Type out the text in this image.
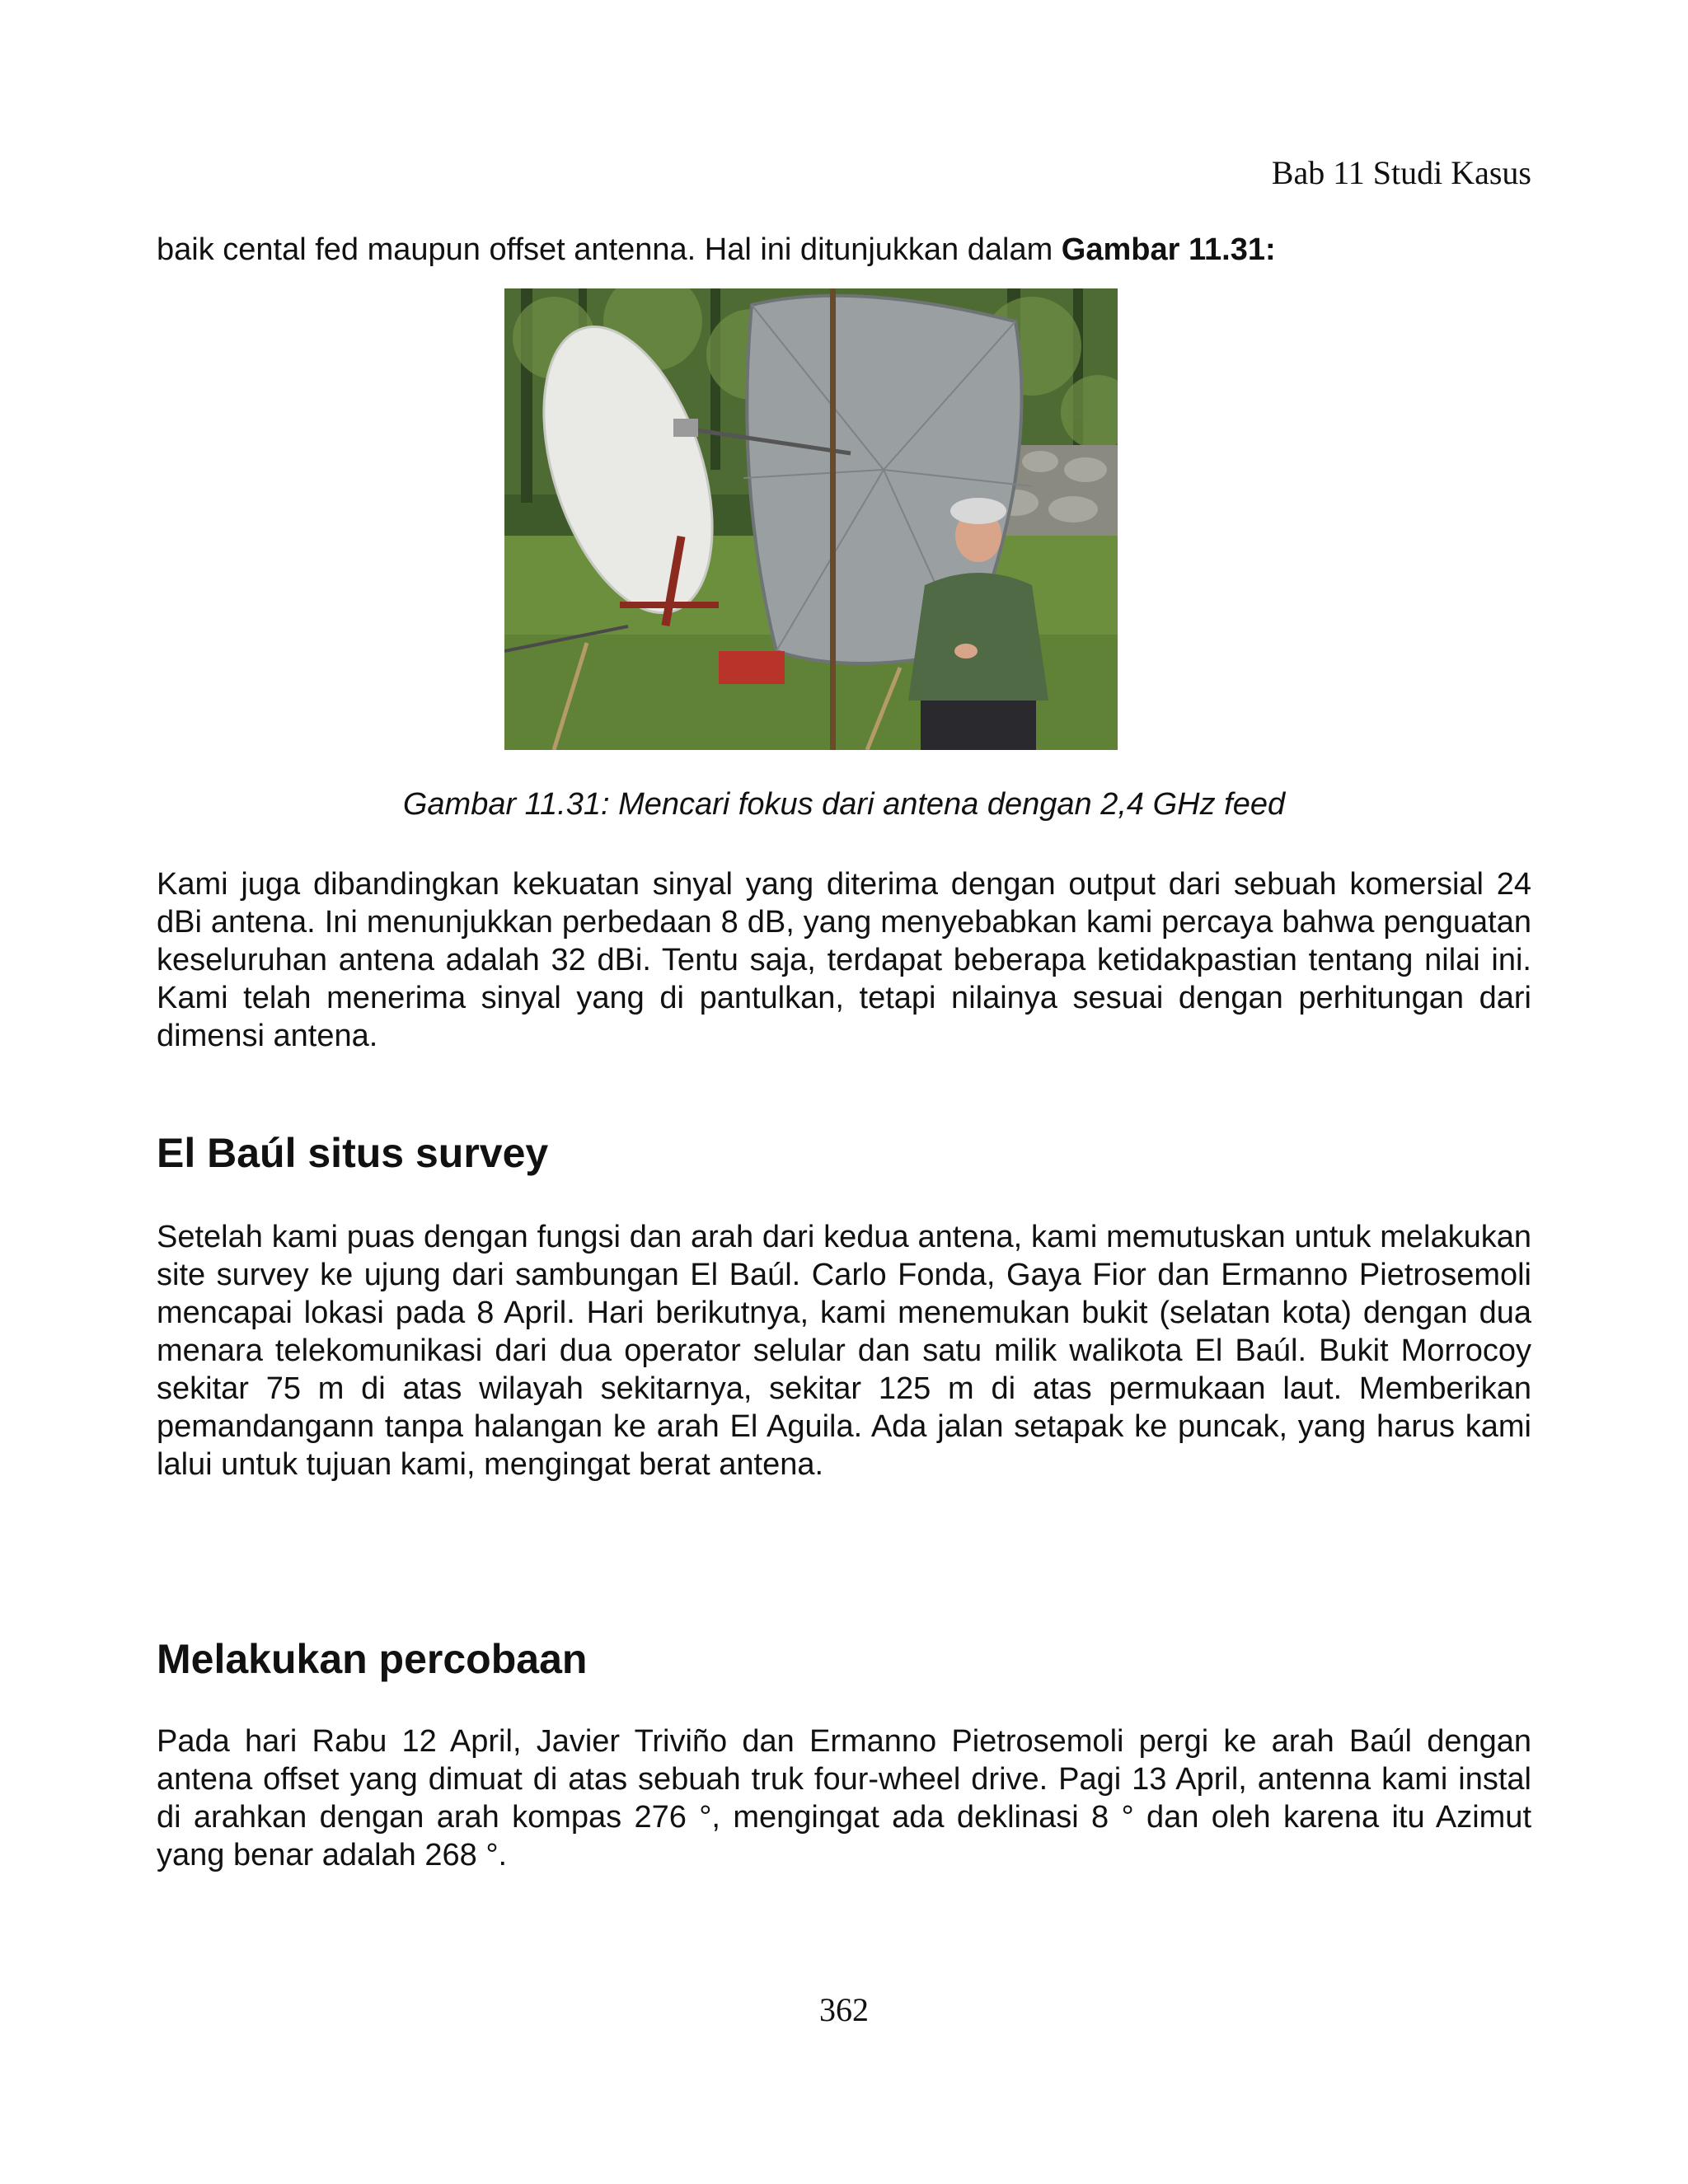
Bab 11 Studi Kasus
baik cental fed maupun offset antenna. Hal ini ditunjukkan dalam Gambar 11.31:
Gambar 11.31: Mencari fokus dari antena dengan 2,4 GHz feed

Kami juga dibandingkan kekuatan sinyal yang diterima dengan output dari sebuah komersial 24 dBi antena. Ini menunjukkan perbedaan 8 dB, yang menyebabkan kami percaya bahwa penguatan keseluruhan antena adalah 32 dBi. Tentu saja, terdapat beberapa ketidakpastian tentang nilai ini. Kami telah menerima sinyal yang di pantulkan, tetapi nilainya sesuai dengan perhitungan dari dimensi antena.

El Baúl situs survey

Setelah kami puas dengan fungsi dan arah dari kedua antena, kami memutuskan untuk melakukan site survey ke ujung dari sambungan El Baúl. Carlo Fonda, Gaya Fior dan Ermanno Pietrosemoli mencapai lokasi pada 8 April. Hari berikutnya, kami menemukan bukit (selatan kota) dengan dua menara telekomunikasi dari dua operator selular dan satu milik walikota El Baúl. Bukit Morrocoy sekitar 75 m di atas wilayah sekitarnya, sekitar 125 m di atas permukaan laut. Memberikan pemandangann tanpa halangan ke arah El Aguila. Ada jalan setapak ke puncak, yang harus kami lalui untuk tujuan kami, mengingat berat antena.

Melakukan percobaan

Pada hari Rabu 12 April, Javier Triviño dan Ermanno Pietrosemoli pergi ke arah Baúl dengan antena offset yang dimuat di atas sebuah truk four-wheel drive. Pagi 13 April, antenna kami instal di arahkan dengan arah kompas 276 °, mengingat ada deklinasi 8 ° dan oleh karena itu Azimut yang benar adalah 268 °.

362
